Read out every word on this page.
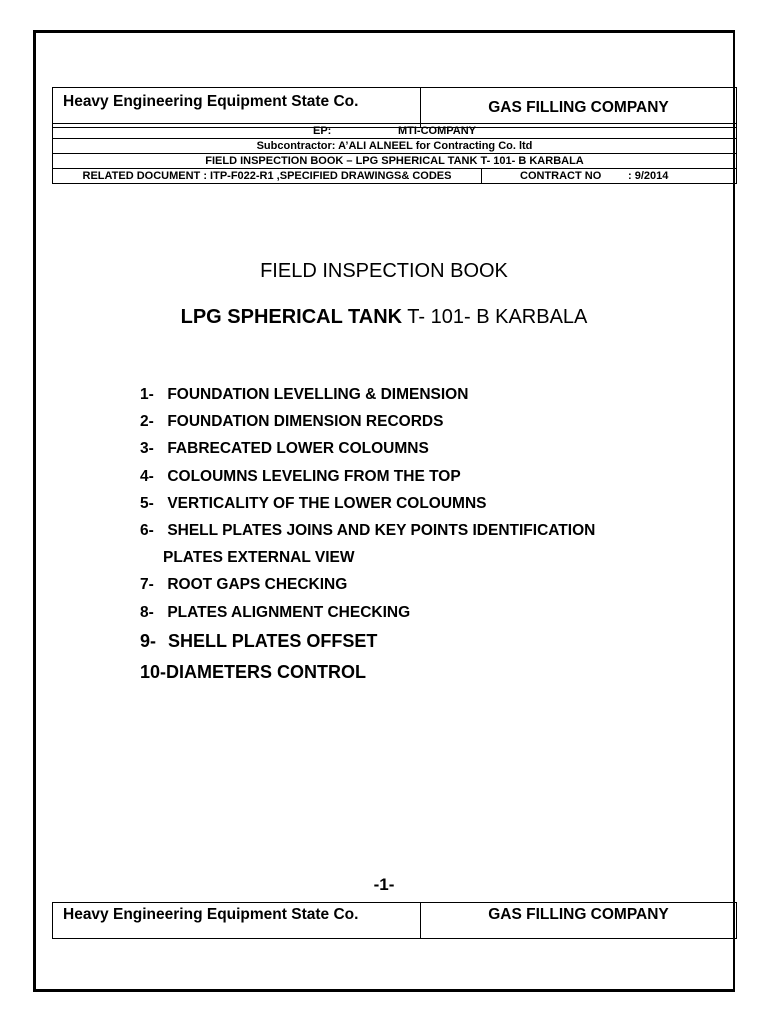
Heavy Engineering Equipment State Co.	GAS FILLING COMPANY
EP:	MTI-COMPANY
Subcontractor: A’ALI ALNEEL for Contracting Co. ltd
FIELD INSPECTION BOOK – LPG SPHERICAL TANK T- 101- B KARBALA
RELATED DOCUMENT : ITP-F022-R1 ,SPECIFIED DRAWINGS& CODES	CONTRACT NO : 9/2014
FIELD INSPECTION BOOK
LPG SPHERICAL TANK T- 101- B KARBALA
1- FOUNDATION LEVELLING & DIMENSION
2- FOUNDATION DIMENSION RECORDS
3- FABRECATED LOWER COLOUMNS
4- COLOUMNS LEVELING FROM THE TOP
5- VERTICALITY OF THE LOWER COLOUMNS
6- SHELL PLATES JOINS AND KEY POINTS IDENTIFICATION
PLATES EXTERNAL VIEW
7- ROOT GAPS CHECKING
8- PLATES ALIGNMENT CHECKING
9- SHELL PLATES OFFSET
10-DIAMETERS CONTROL
-1-
Heavy Engineering Equipment State Co.	GAS FILLING COMPANY
